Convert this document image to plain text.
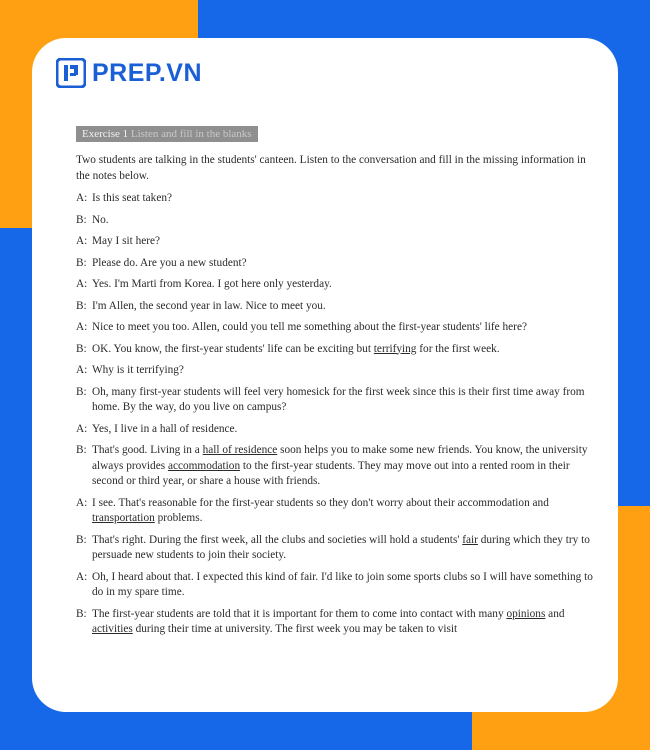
PREP.VN
Exercise 1 Listen and fill in the blanks
Two students are talking in the students' canteen. Listen to the conversation and fill in the missing information in the notes below.
A: Is this seat taken?
B: No.
A: May I sit here?
B: Please do. Are you a new student?
A: Yes. I'm Marti from Korea. I got here only yesterday.
B: I'm Allen, the second year in law. Nice to meet you.
A: Nice to meet you too. Allen, could you tell me something about the first-year students' life here?
B: OK. You know, the first-year students' life can be exciting but terrifying for the first week.
A: Why is it terrifying?
B: Oh, many first-year students will feel very homesick for the first week since this is their first time away from home. By the way, do you live on campus?
A: Yes, I live in a hall of residence.
B: That's good. Living in a hall of residence soon helps you to make some new friends. You know, the university always provides accommodation to the first-year students. They may move out into a rented room in their second or third year, or share a house with friends.
A: I see. That's reasonable for the first-year students so they don't worry about their accommodation and transportation problems.
B: That's right. During the first week, all the clubs and societies will hold a students' fair during which they try to persuade new students to join their society.
A: Oh, I heard about that. I expected this kind of fair. I'd like to join some sports clubs so I will have something to do in my spare time.
B: The first-year students are told that it is important for them to come into contact with many opinions and activities during their time at university. The first week you may be taken to visit
